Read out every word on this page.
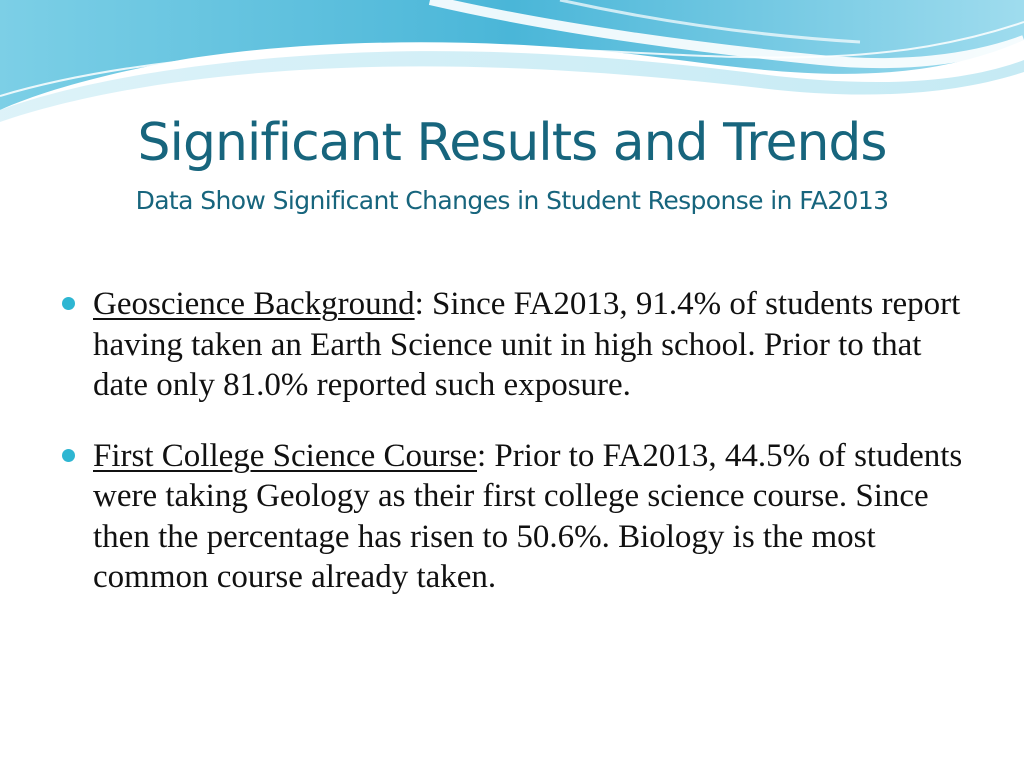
Significant Results and Trends
Data Show Significant Changes in Student Response in FA2013
Geoscience Background: Since FA2013, 91.4% of students report having taken an Earth Science unit in high school. Prior to that date only 81.0% reported such exposure.
First College Science Course: Prior to FA2013, 44.5% of students were taking Geology as their first college science course. Since then the percentage has risen to 50.6%. Biology is the most common course already taken.
